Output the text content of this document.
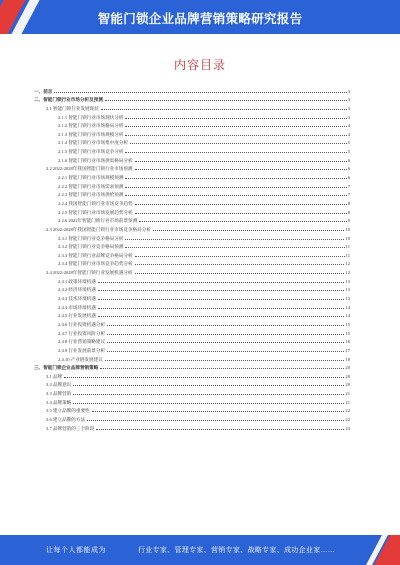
智能门锁企业品牌营销策略研究报告
内容目录
一、前言	3
二、智能门锁行业市场分析及预测	3
2.1 智能门锁行业发展现状	3
2.1.1 智能门锁行业市场现状分析	3
2.1.2 智能门锁行业市场格局分析	4
2.1.3 智能门锁行业市场规模分析	4
2.1.4 智能门锁行业市场集中度分析	5
2.1.5 智能门锁行业市场竞争分析	5
2.1.6 智能门锁行业市场供需格局分析	6
2.2 2022-2028年我国智能门锁行业市场预测	6
2.2.1 智能门锁行业市场规模预测	6
2.2.2 智能门锁行业市场需求预测	7
2.2.3 智能门锁行业市场供给预测	7
2.2.4 我国智能门锁行业市场竞争趋势	8
2.2.5 智能门锁行业市场发展趋势分析	8
2.2.6 2022年智能门锁行业市场前景预测	9
2.3 2022-2028年我国智能门锁行业市场竞争格局分析	10
2.3.1 智能门锁行业竞争格局分析	10
2.3.2 智能门锁行业竞争格局预测	11
2.3.3 智能门锁行业品牌竞争格局分析	11
2.3.4 智能门锁行业市场竞争趋势分析	12
2.4 2022-2028年智能门锁行业发展机遇分析	12
2.4.1 政策环境机遇	13
2.4.2 经济环境机遇	13
2.4.3 技术环境机遇	13
2.4.4 市场环境机遇	14
2.4.5 行业发展机遇	14
2.4.6 行业投资机遇分析	15
2.4.7 行业投资风险分析	15
2.4.8 行业营销策略建议	16
2.4.9 行业发展前景分析	17
2.4.10 产业链发展建议	18
三、智能门锁企业品牌营销策略	20
3.1 品牌	20
3.2 品牌意识	20
3.3 品牌营销	21
3.4 品牌策略	21
3.5 建立品牌的重要性	22
3.6 建立品牌的方法	22
3.7 品牌营销的三个阶段	23
让每个人都能成为	行业专家、管理专家、营销专家、战略专家、成功企业家……
